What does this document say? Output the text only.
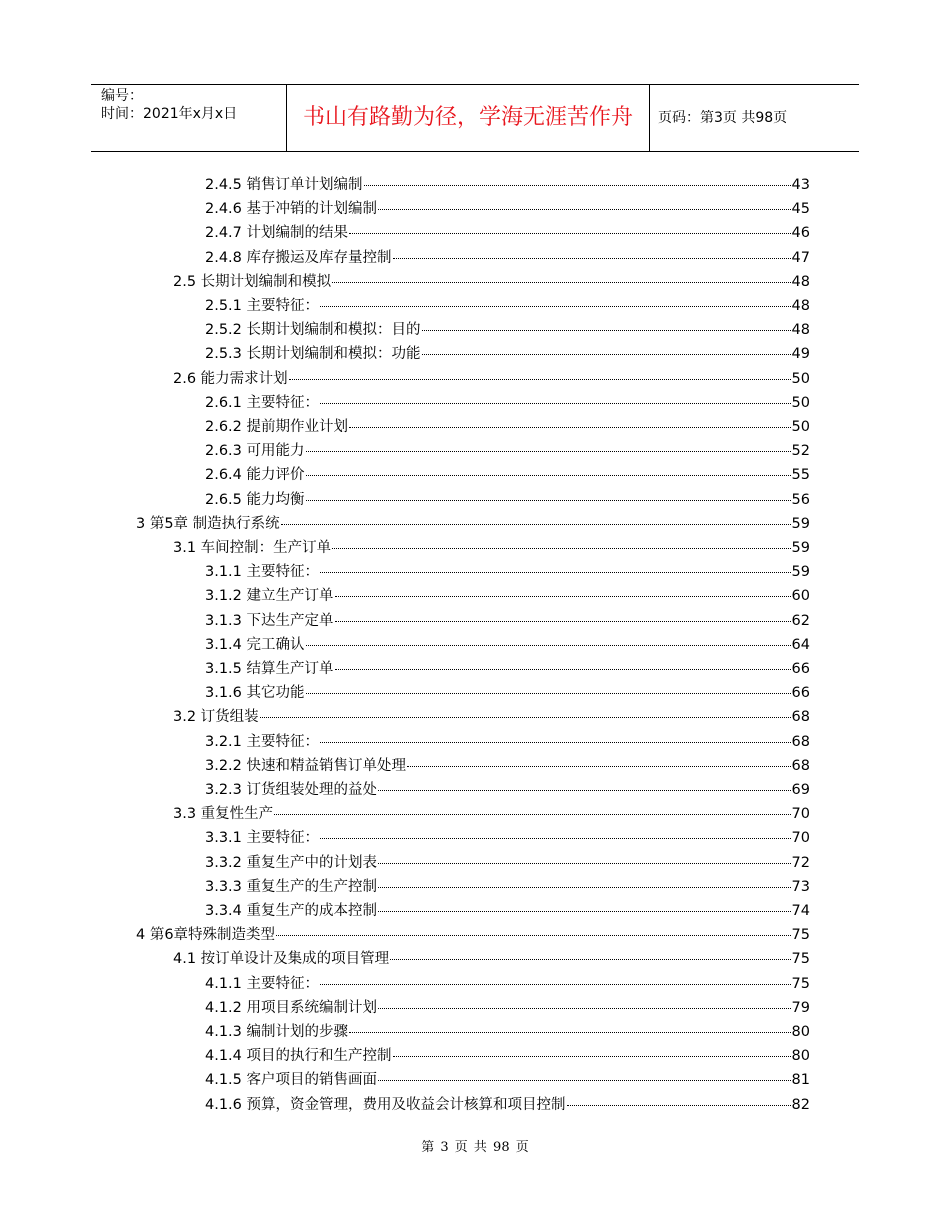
编号：
时间：2021年x月x日	书山有路勤为径，学海无涯苦作舟	页码：第3页 共98页
2.4.5 销售订单计划编制	43
2.4.6 基于冲销的计划编制	45
2.4.7 计划编制的结果	46
2.4.8 库存搬运及库存量控制	47
2.5 长期计划编制和模拟	48
2.5.1 主要特征：	48
2.5.2 长期计划编制和模拟：目的	48
2.5.3 长期计划编制和模拟：功能	49
2.6 能力需求计划	50
2.6.1 主要特征：	50
2.6.2 提前期作业计划	50
2.6.3 可用能力	52
2.6.4 能力评价	55
2.6.5 能力均衡	56
3 第5章 制造执行系统	59
3.1 车间控制：生产订单	59
3.1.1 主要特征：	59
3.1.2 建立生产订单	60
3.1.3 下达生产定单	62
3.1.4 完工确认	64
3.1.5 结算生产订单	66
3.1.6 其它功能	66
3.2 订货组装	68
3.2.1 主要特征：	68
3.2.2 快速和精益销售订单处理	68
3.2.3 订货组装处理的益处	69
3.3 重复性生产	70
3.3.1 主要特征：	70
3.3.2 重复生产中的计划表	72
3.3.3 重复生产的生产控制	73
3.3.4 重复生产的成本控制	74
4 第6章特殊制造类型	75
4.1 按订单设计及集成的项目管理	75
4.1.1 主要特征：	75
4.1.2 用项目系统编制计划	79
4.1.3 编制计划的步骤	80
4.1.4 项目的执行和生产控制	80
4.1.5 客户项目的销售画面	81
4.1.6 预算，资金管理，费用及收益会计核算和项目控制	82
第 3 页 共 98 页
